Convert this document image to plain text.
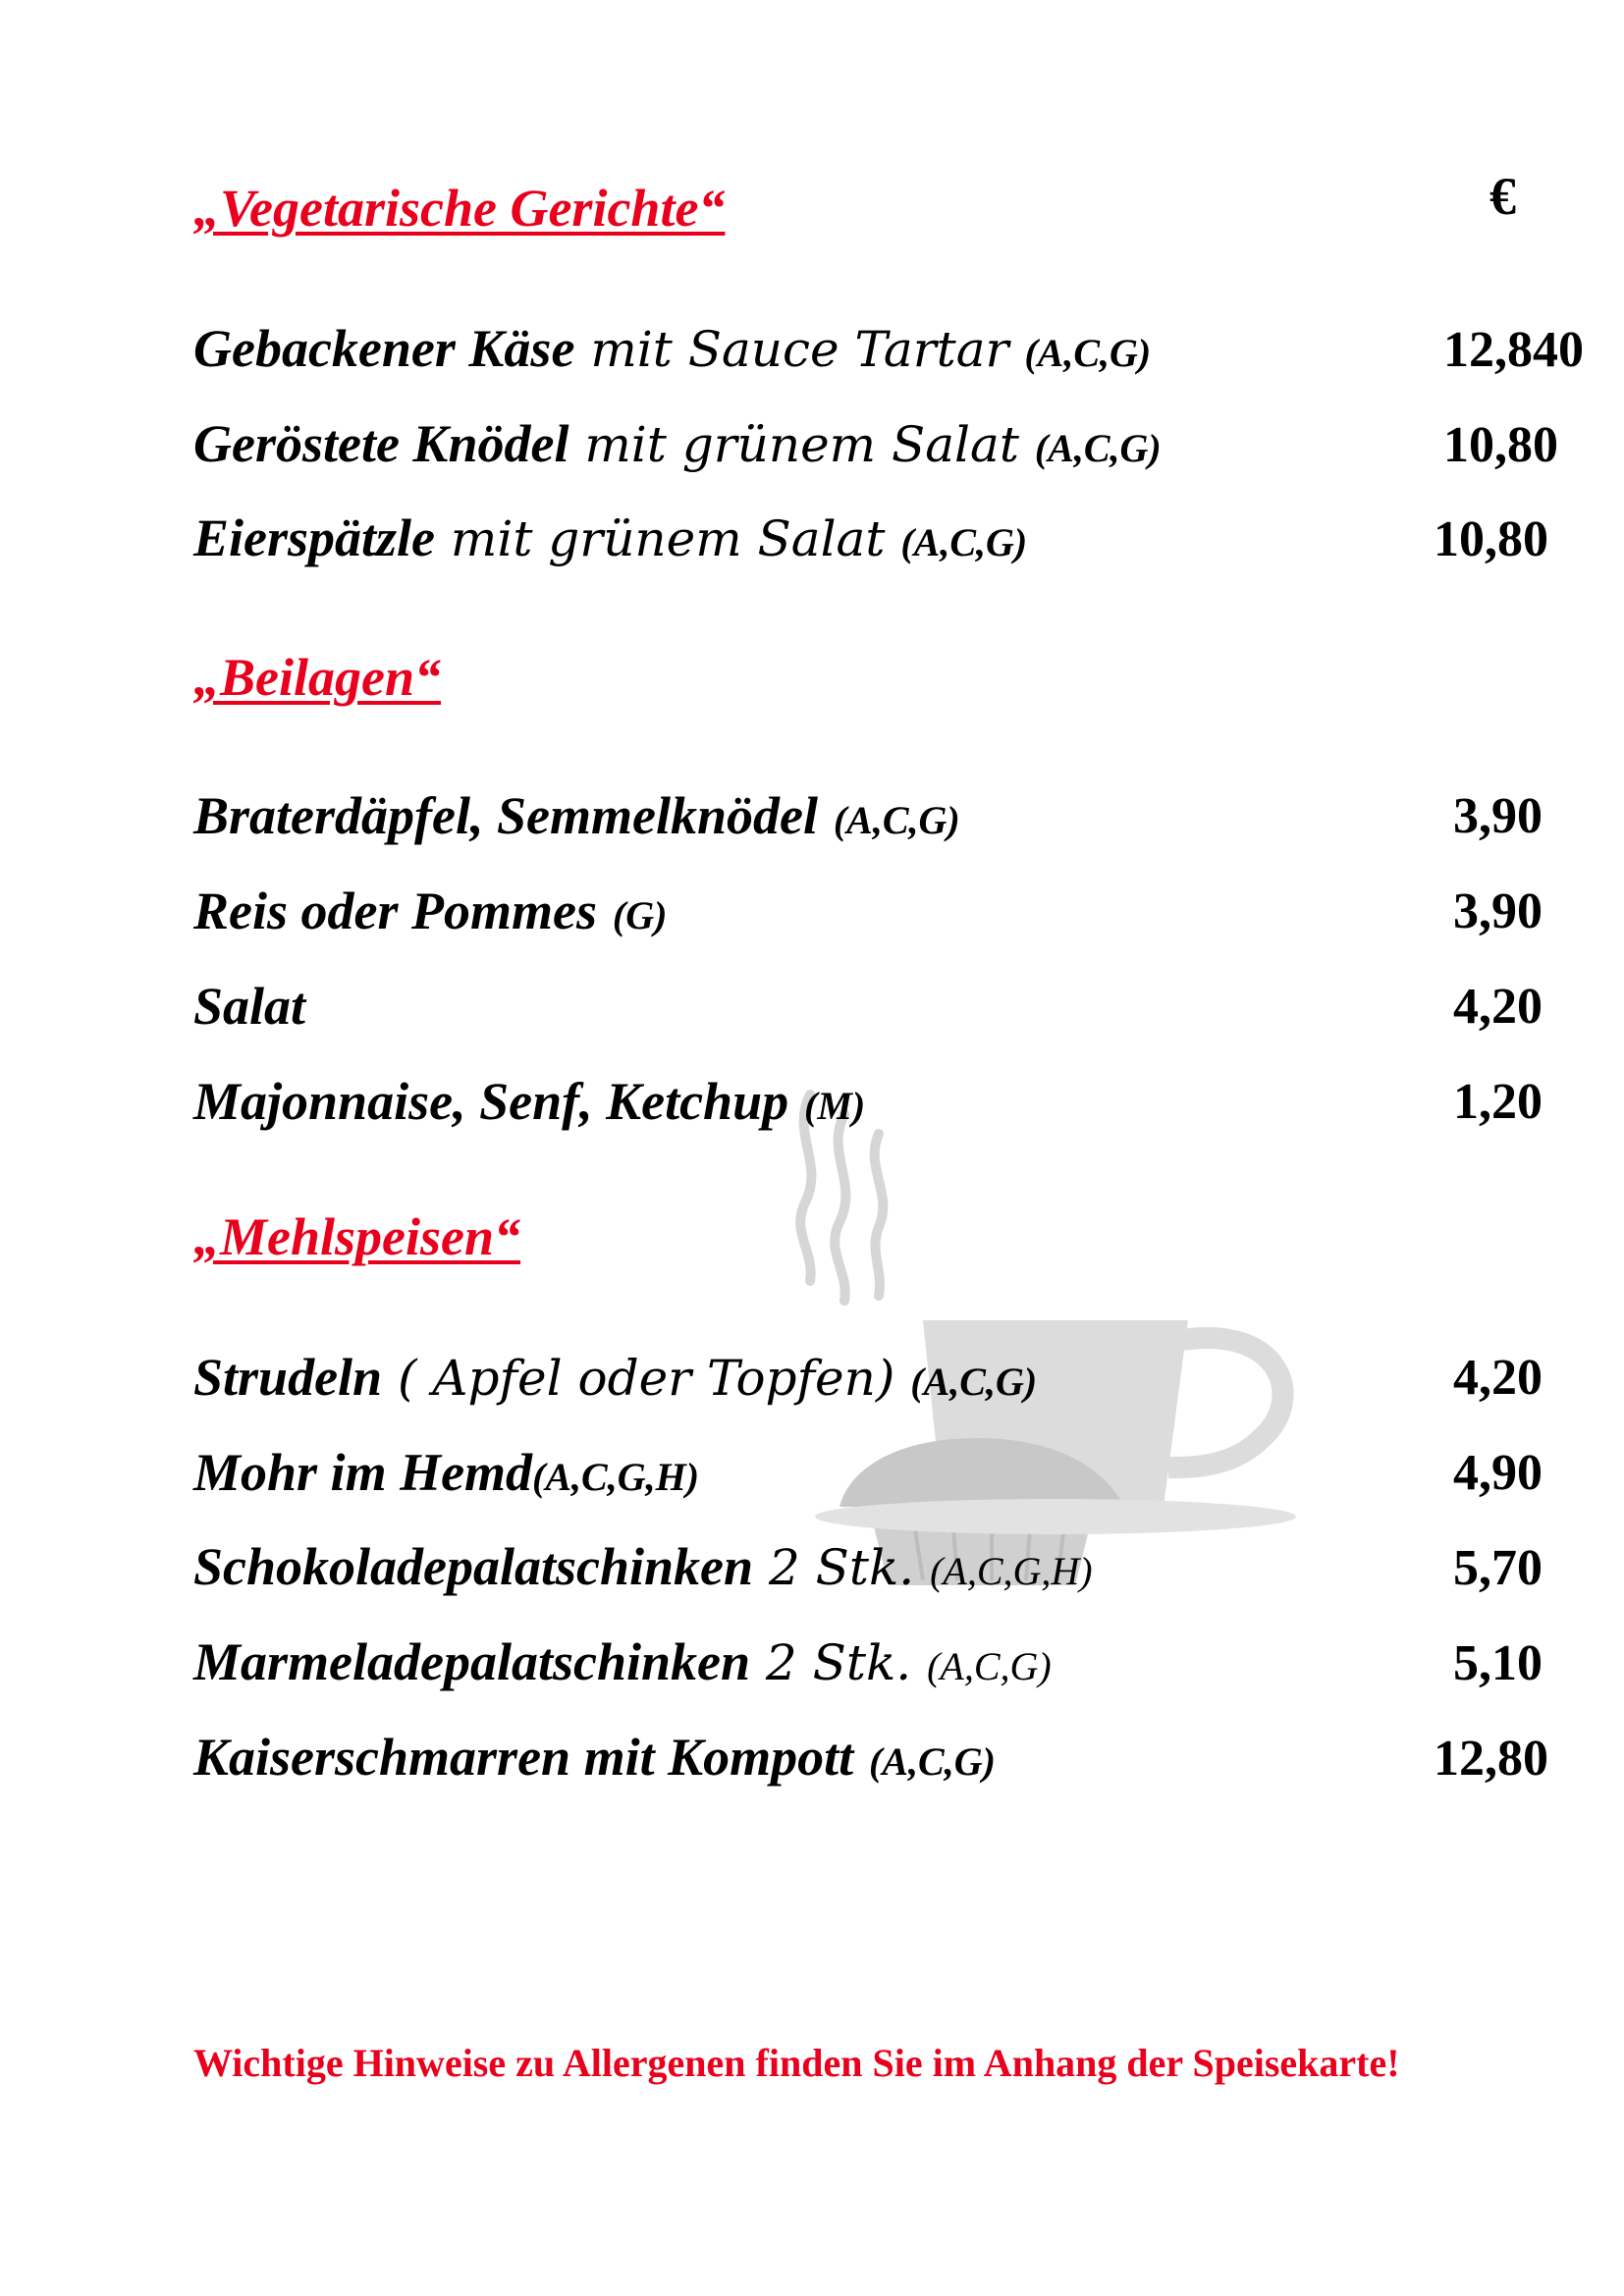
€
„Vegetarische Gerichte“
Gebackener Käse mit Sauce Tartar (A,C,G)	12,840
Geröstete Knödel mit grünem Salat (A,C,G)	10,80
Eierspätzle mit grünem Salat (A,C,G)	10,80
„Beilagen“
Braterdäpfel, Semmelknödel (A,C,G)	3,90
Reis oder Pommes (G)	3,90
Salat	4,20
Majonnaise, Senf, Ketchup (M)	1,20
„Mehlspeisen“
Strudeln ( Apfel oder Topfen) (A,C,G)	4,20
Mohr im Hemd(A,C,G,H)	4,90
Schokoladepalatschinken 2 Stk. (A,C,G,H)	5,70
Marmeladepalatschinken 2 Stk. (A,C,G)	5,10
Kaiserschmarren mit Kompott (A,C,G)	12,80
Wichtige Hinweise zu Allergenen finden Sie im Anhang der Speisekarte!
